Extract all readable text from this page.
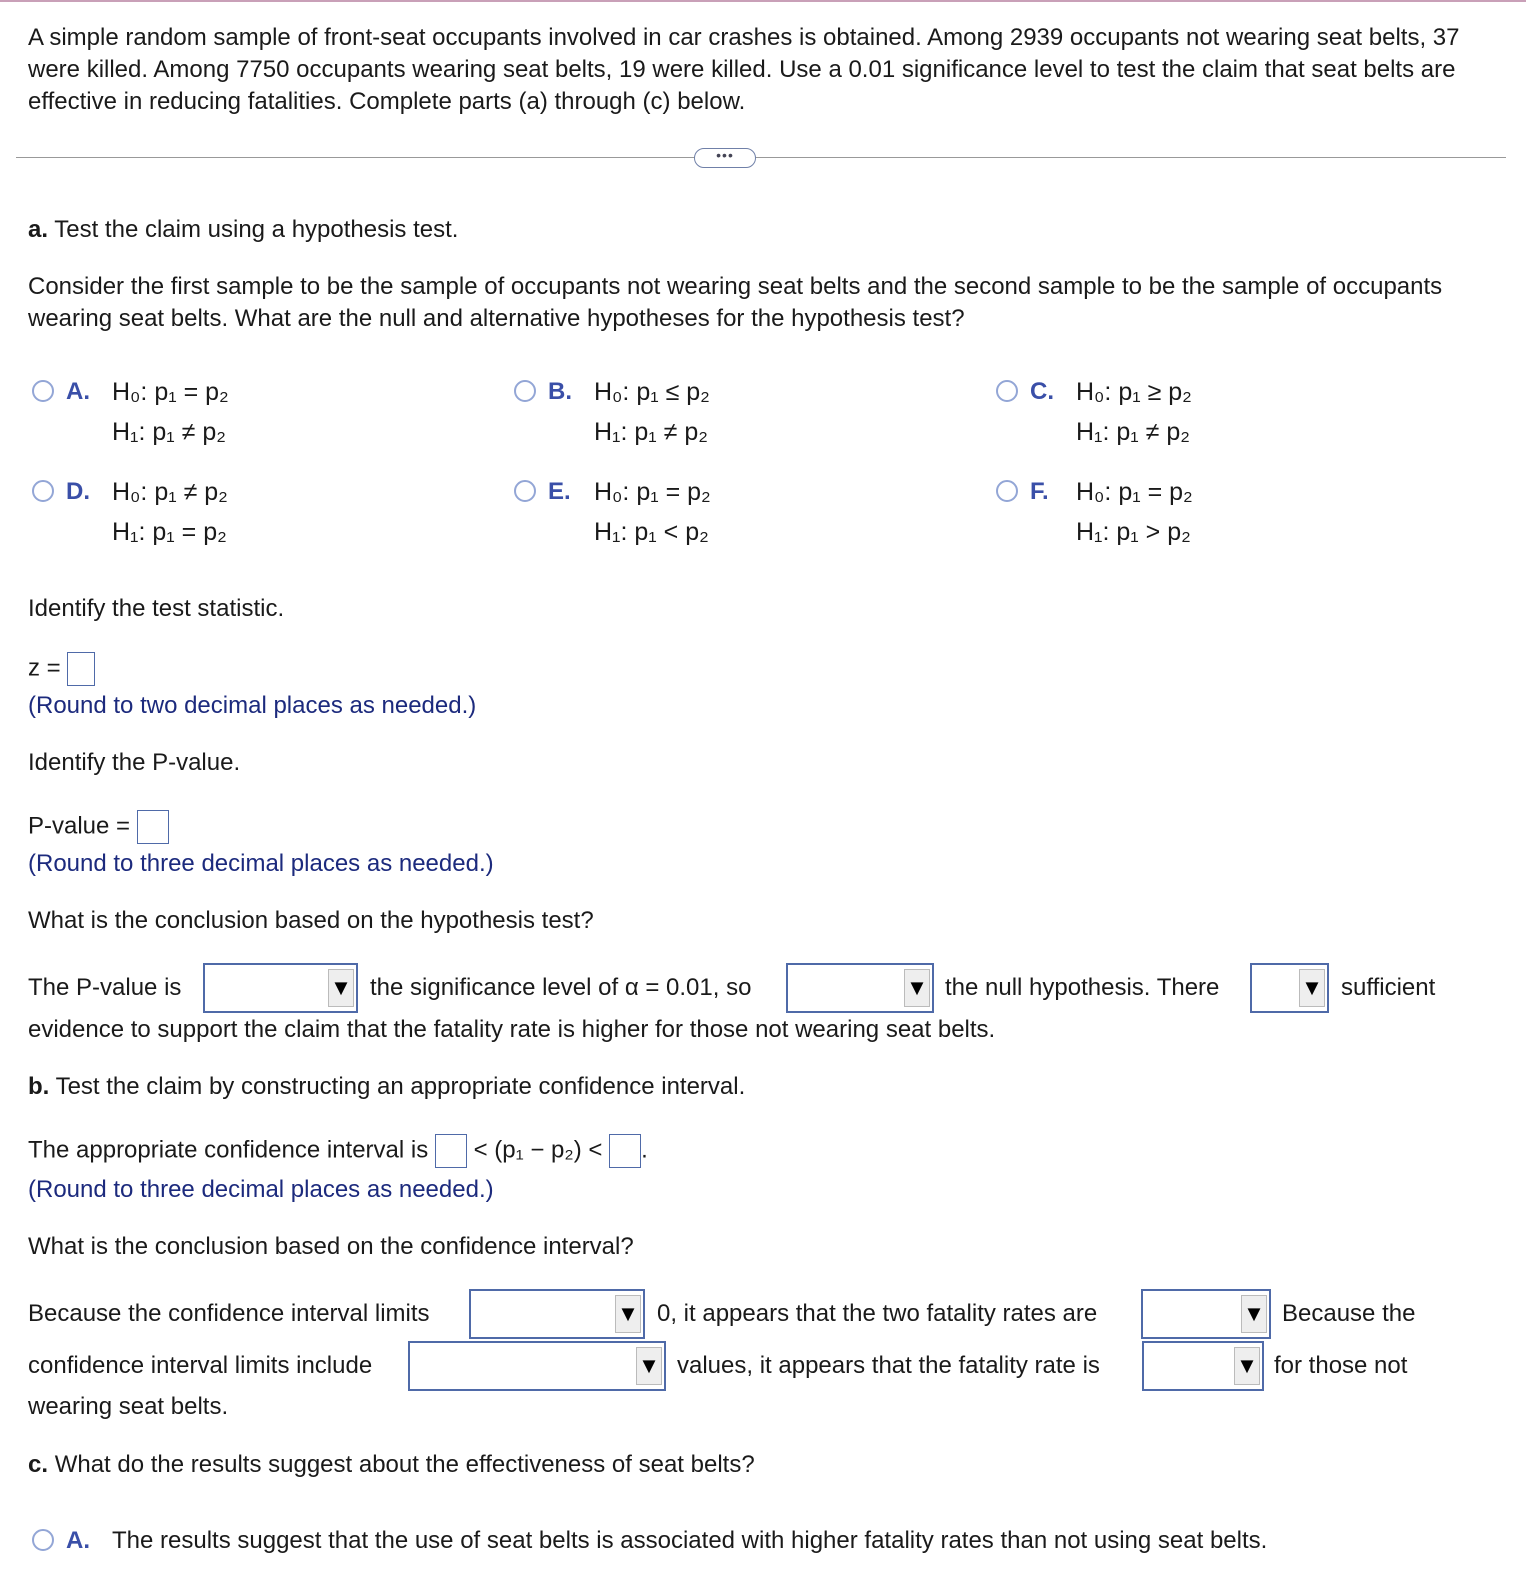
A simple random sample of front-seat occupants involved in car crashes is obtained. Among 2939 occupants not wearing seat belts, 37 were killed. Among 7750 occupants wearing seat belts, 19 were killed. Use a 0.01 significance level to test the claim that seat belts are effective in reducing fatalities. Complete parts (a) through (c) below.
•••
a. Test the claim using a hypothesis test.
Consider the first sample to be the sample of occupants not wearing seat belts and the second sample to be the sample of occupants wearing seat belts. What are the null and alternative hypotheses for the hypothesis test?
A. H₀: p₁ = p₂
H₁: p₁ ≠ p₂
B. H₀: p₁ ≤ p₂
H₁: p₁ ≠ p₂
C. H₀: p₁ ≥ p₂
H₁: p₁ ≠ p₂
D. H₀: p₁ ≠ p₂
H₁: p₁ = p₂
E. H₀: p₁ = p₂
H₁: p₁ < p₂
F.	H₀: p₁ = p₂
H₁: p₁ > p₂
Identify the test statistic.
z =
(Round to two decimal places as needed.)
Identify the P-value.
P-value =
(Round to three decimal places as needed.)
What is the conclusion based on the hypothesis test?
The P-value is	▼ the significance level of α = 0.01, so	▼ the null hypothesis. There	▼ sufficient
evidence to support the claim that the fatality rate is higher for those not wearing seat belts.
b. Test the claim by constructing an appropriate confidence interval.
The appropriate confidence interval is < (p₁ − p₂) < .
(Round to three decimal places as needed.)
What is the conclusion based on the confidence interval?
Because the confidence interval limits	▼ 0, it appears that the two fatality rates are	▼ Because the
confidence interval limits include	▼ values, it appears that the fatality rate is	▼ for those not
wearing seat belts.
c. What do the results suggest about the effectiveness of seat belts?
A. The results suggest that the use of seat belts is associated with higher fatality rates than not using seat belts.
